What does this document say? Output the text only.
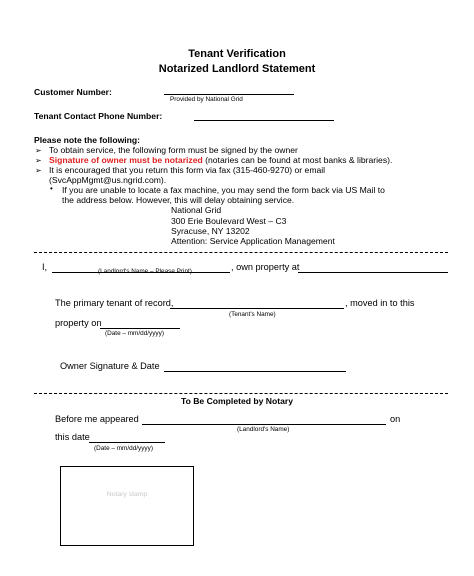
Tenant Verification
Notarized Landlord Statement
Customer Number:
Provided by National Grid
Tenant Contact Phone Number:
Please note the following:
➢ To obtain service, the following form must be signed by the owner
➢ Signature of owner must be notarized (notaries can be found at most banks & libraries).
➢ It is encouraged that you return this form via fax (315-460-9270) or email
(SvcAppMgmt@us.ngrid.com).
• If you are unable to locate a fax machine, you may send the form back via US Mail to
the address below. However, this will delay obtaining service.
National Grid
300 Erie Boulevard West – C3
Syracuse, NY 13202
Attention: Service Application Management
I,	, own property at
(Landlord's Name – Please Print)
The primary tenant of record,	, moved in to this
(Tenant's Name)
property on
(Date – mm/dd/yyyy)
Owner Signature & Date
To Be Completed by Notary
Before me appeared	on
(Landlord's Name)
this date
(Date – mm/dd/yyyy)
Notary stamp
